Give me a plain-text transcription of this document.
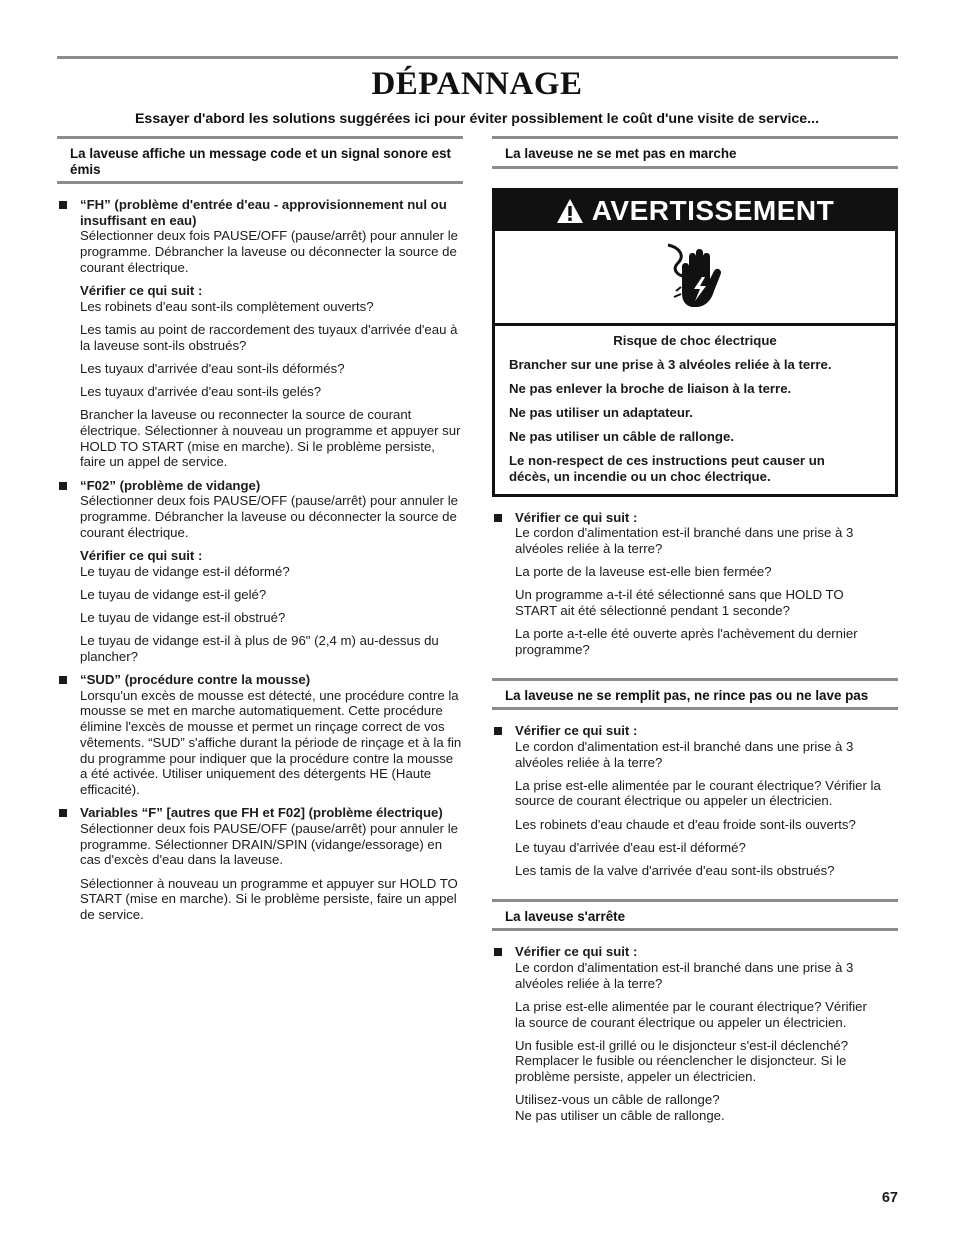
DÉPANNAGE
Essayer d'abord les solutions suggérées ici pour éviter possiblement le coût d'une visite de service...
La laveuse affiche un message code et un signal sonore est émis

“FH” (problème d'entrée d'eau - approvisionnement nul ou insuffisant en eau)

Sélectionner deux fois PAUSE/OFF (pause/arrêt) pour annuler le programme. Débrancher la laveuse ou déconnecter la source de courant électrique.

Vérifier ce qui suit :

Les robinets d'eau sont-ils complètement ouverts?

Les tamis au point de raccordement des tuyaux d'arrivée d'eau à la laveuse sont-ils obstrués?

Les tuyaux d'arrivée d'eau sont-ils déformés?

Les tuyaux d'arrivée d'eau sont-ils gelés?

Brancher la laveuse ou reconnecter la source de courant électrique. Sélectionner à nouveau un programme et appuyer sur HOLD TO START (mise en marche). Si le problème persiste, faire un appel de service.

“F02” (problème de vidange)

Sélectionner deux fois PAUSE/OFF (pause/arrêt) pour annuler le programme. Débrancher la laveuse ou déconnecter la source de courant électrique.

Vérifier ce qui suit :

Le tuyau de vidange est-il déformé?

Le tuyau de vidange est-il gelé?

Le tuyau de vidange est-il obstrué?

Le tuyau de vidange est-il à plus de 96" (2,4 m) au-dessus du plancher?

“SUD” (procédure contre la mousse)

Lorsqu'un excès de mousse est détecté, une procédure contre la mousse se met en marche automatiquement. Cette procédure élimine l'excès de mousse et permet un rinçage correct de vos vêtements. “SUD” s'affiche durant la période de rinçage et à la fin du programme pour indiquer que la procédure contre la mousse a été activée. Utiliser uniquement des détergents HE (Haute efficacité).

Variables “F” [autres que FH et F02] (problème électrique)

Sélectionner deux fois PAUSE/OFF (pause/arrêt) pour annuler le programme. Sélectionner DRAIN/SPIN (vidange/essorage) en cas d'excès d'eau dans la laveuse.

Sélectionner à nouveau un programme et appuyer sur HOLD TO START (mise en marche). Si le problème persiste, faire un appel de service.

La laveuse ne se met pas en marche
AVERTISSEMENT

Risque de choc électrique

Brancher sur une prise à 3 alvéoles reliée à la terre.

Ne pas enlever la broche de liaison à la terre.

Ne pas utiliser un adaptateur.

Ne pas utiliser un câble de rallonge.

Le non-respect de ces instructions peut causer un décès, un incendie ou un choc électrique.

Vérifier ce qui suit :

Le cordon d'alimentation est-il branché dans une prise à 3 alvéoles reliée à la terre?

La porte de la laveuse est-elle bien fermée?

Un programme a-t-il été sélectionné sans que HOLD TO START ait été sélectionné pendant 1 seconde?

La porte a-t-elle été ouverte après l'achèvement du dernier programme?

La laveuse ne se remplit pas, ne rince pas ou ne lave pas

Vérifier ce qui suit :

Le cordon d'alimentation est-il branché dans une prise à 3 alvéoles reliée à la terre?

La prise est-elle alimentée par le courant électrique? Vérifier la source de courant électrique ou appeler un électricien.

Les robinets d'eau chaude et d'eau froide sont-ils ouverts?

Le tuyau d'arrivée d'eau est-il déformé?

Les tamis de la valve d'arrivée d'eau sont-ils obstrués?

La laveuse s'arrête

Vérifier ce qui suit :

Le cordon d'alimentation est-il branché dans une prise à 3 alvéoles reliée à la terre?

La prise est-elle alimentée par le courant électrique? Vérifier la source de courant électrique ou appeler un électricien.

Un fusible est-il grillé ou le disjoncteur s'est-il déclenché? Remplacer le fusible ou réenclencher le disjoncteur. Si le problème persiste, appeler un électricien.

Utilisez-vous un câble de rallonge?

Ne pas utiliser un câble de rallonge.

67
